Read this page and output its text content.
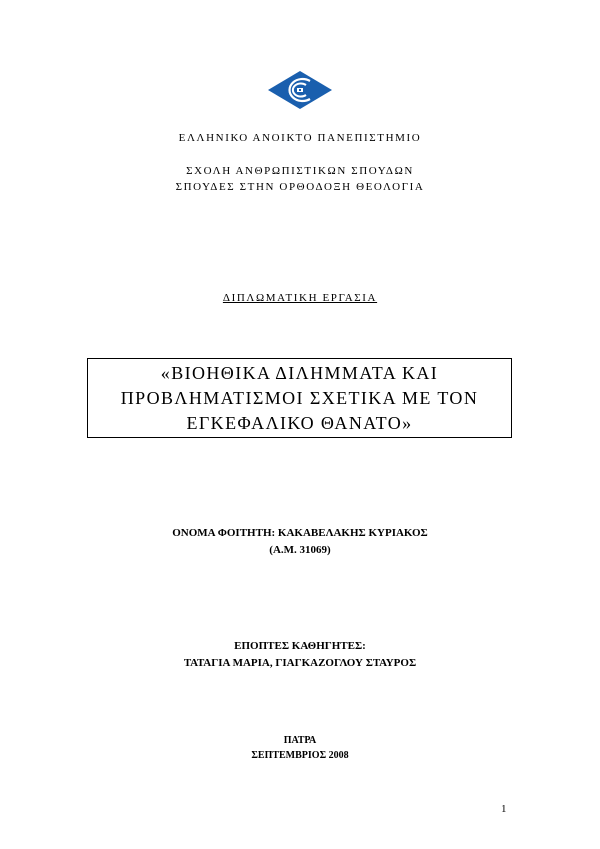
ΕΛΛΗΝΙΚΟ ΑΝΟΙΚΤΟ ΠΑΝΕΠΙΣΤΗΜΙΟ
ΣΧΟΛΗ ΑΝΘΡΩΠΙΣΤΙΚΩΝ ΣΠΟΥΔΩΝ
ΣΠΟΥΔΕΣ ΣΤΗΝ ΟΡΘΟΔΟΞΗ ΘΕΟΛΟΓΙΑ
ΔΙΠΛΩΜΑΤΙΚΗ ΕΡΓΑΣΙΑ
«ΒΙΟΗΘΙΚΑ ΔΙΛΗΜΜΑΤΑ ΚΑΙ
ΠΡΟΒΛΗΜΑΤΙΣΜΟΙ ΣΧΕΤΙΚΑ ΜΕ ΤΟΝ
ΕΓΚΕΦΑΛΙΚΟ ΘΑΝΑΤΟ»
ΟΝΟΜΑ ΦΟΙΤΗΤΗ: ΚΑΚΑΒΕΛΑΚΗΣ ΚΥΡΙΑΚΟΣ
(Α.Μ. 31069)
ΕΠΟΠΤΕΣ ΚΑΘΗΓΗΤΕΣ:
ΤΑΤΑΓΙΑ ΜΑΡΙΑ, ΓΙΑΓΚΑΖΟΓΛΟΥ ΣΤΑΥΡΟΣ
ΠΑΤΡΑ
ΣΕΠΤΕΜΒΡΙΟΣ 2008
1
